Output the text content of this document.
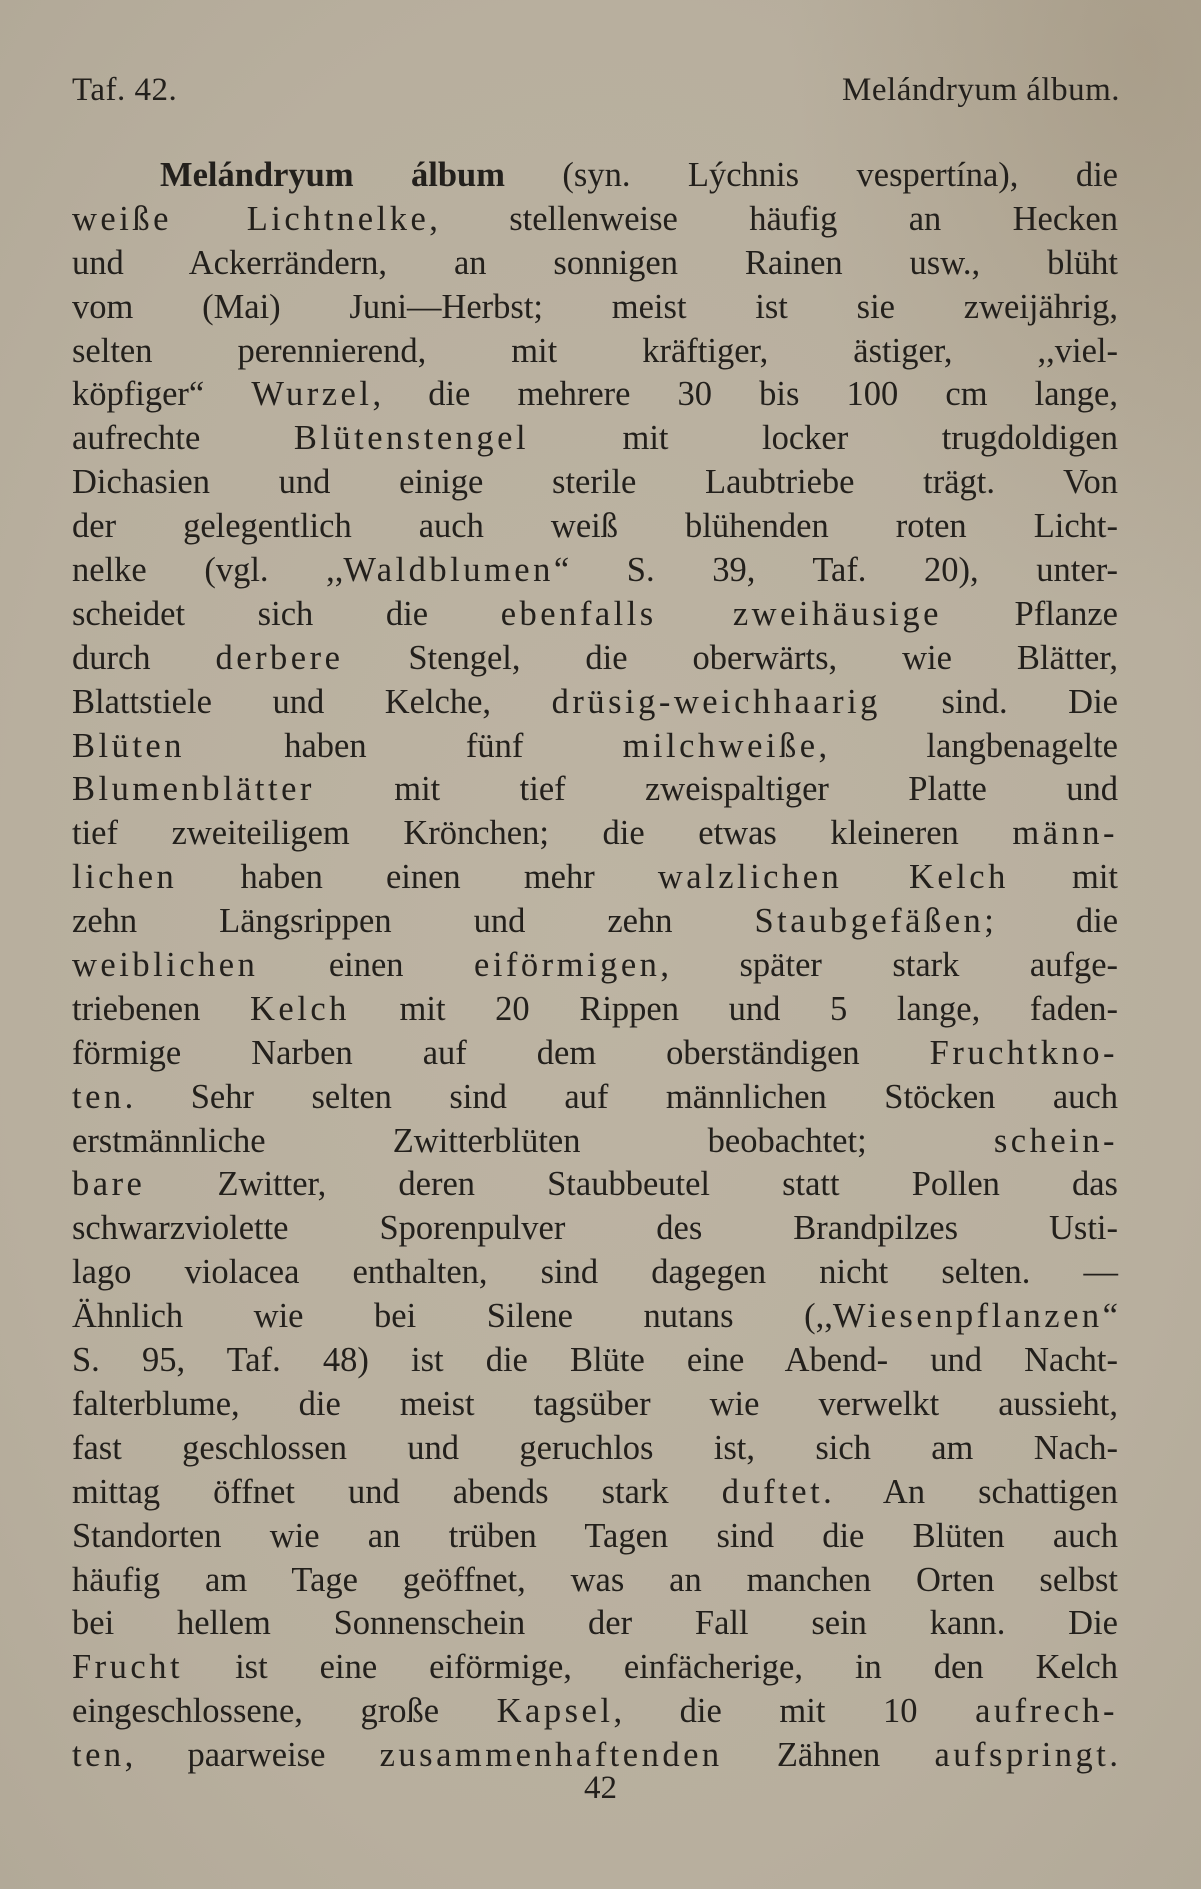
Taf. 42.	Melándryum álbum.
Melándryum álbum (syn. Lýchnis vespertína), die
weiße Lichtnelke, stellenweise häufig an Hecken
und Ackerrändern, an sonnigen Rainen usw., blüht
vom (Mai) Juni—Herbst; meist ist sie zweijährig,
selten perennierend, mit kräftiger, ästiger, ,,viel-
köpfiger“ Wurzel, die mehrere 30 bis 100 cm lange,
aufrechte Blütenstengel mit locker trugdoldigen
Dichasien und einige sterile Laubtriebe trägt. Von
der gelegentlich auch weiß blühenden roten Licht-
nelke (vgl. ,,Waldblumen“ S. 39, Taf. 20), unter-
scheidet sich die ebenfalls zweihäusige Pflanze
durch derbere Stengel, die oberwärts, wie Blätter,
Blattstiele und Kelche, drüsig-weichhaarig sind. Die
Blüten haben fünf milchweiße, langbenagelte
Blumenblätter mit tief zweispaltiger Platte und
tief zweiteiligem Krönchen; die etwas kleineren männ-
lichen haben einen mehr walzlichen Kelch mit
zehn Längsrippen und zehn Staubgefäßen; die
weiblichen einen eiförmigen, später stark aufge-
triebenen Kelch mit 20 Rippen und 5 lange, faden-
förmige Narben auf dem oberständigen Fruchtkno-
ten. Sehr selten sind auf männlichen Stöcken auch
erstmännliche Zwitterblüten beobachtet; schein-
bare Zwitter, deren Staubbeutel statt Pollen das
schwarzviolette Sporenpulver des Brandpilzes Usti-
lago violacea enthalten, sind dagegen nicht selten. —
Ähnlich wie bei Silene nutans (,,Wiesenpflanzen“
S. 95, Taf. 48) ist die Blüte eine Abend- und Nacht-
falterblume, die meist tagsüber wie verwelkt aussieht,
fast geschlossen und geruchlos ist, sich am Nach-
mittag öffnet und abends stark duftet. An schattigen
Standorten wie an trüben Tagen sind die Blüten auch
häufig am Tage geöffnet, was an manchen Orten selbst
bei hellem Sonnenschein der Fall sein kann. Die
Frucht ist eine eiförmige, einfächerige, in den Kelch
eingeschlossene, große Kapsel, die mit 10 aufrech-
ten, paarweise zusammenhaftenden Zähnen aufspringt.
42
